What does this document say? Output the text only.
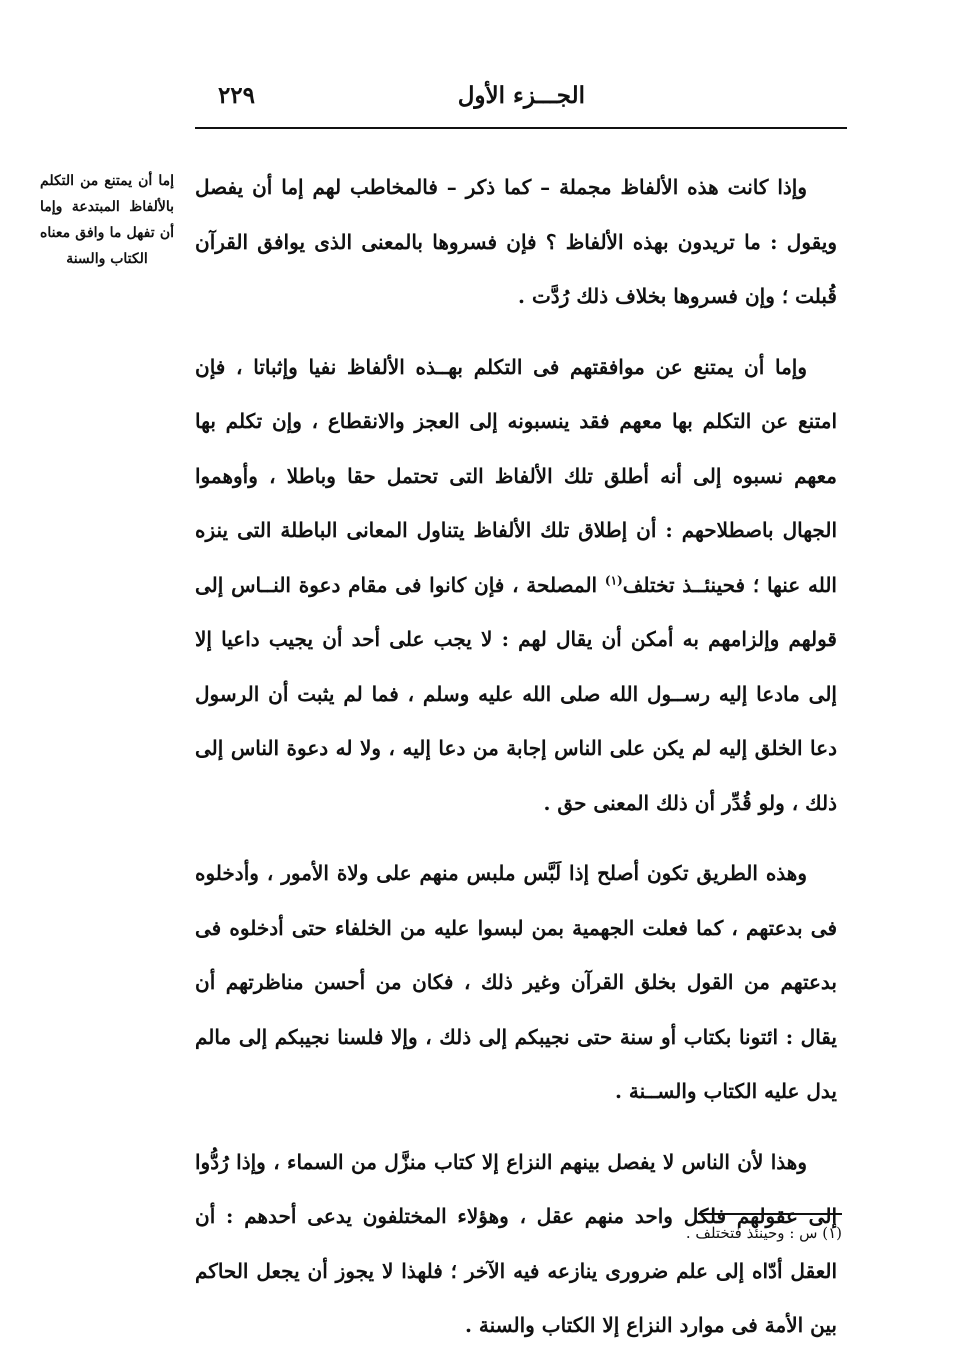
الجـــزء الأول
٢٢٩
إما أن يمتنع من التكلم بالألفاظ المبتدعة وإما أن تفهل ما وافق معناه الكتاب والسنة

وإذا كانت هذه الألفاظ مجملة – كما ذكر – فالمخاطب لهم إما أن يفصل ويقول : ما تريدون بهذه الألفاظ ؟ فإن فسروها بالمعنى الذى يوافق القرآن قُبلت ؛ وإن فسروها بخلاف ذلك رُدَّت .

وإما أن يمتنع عن موافقتهم فى التكلم بهــذه الألفاظ نفيا وإثباتا ، فإن امتنع عن التكلم بها معهم فقد ينسبونه إلى العجز والانقطاع ، وإن تكلم بها معهم نسبوه إلى أنه أطلق تلك الألفاظ التى تحتمل حقا وباطلا ، وأوهموا الجهال باصطلاحهم : أن إطلاق تلك الألفاظ يتناول المعانى الباطلة التى ينزه الله عنها ؛ فحينئــذ تختلف$^{(١)}$ المصلحة ، فإن كانوا فى مقام دعوة النــاس إلى قولهم وإلزامهم به أمكن أن يقال لهم : لا يجب على أحد أن يجيب داعيا إلا إلى مادعا إليه رســول الله صلى الله عليه وسلم ، فما لم يثبت أن الرسول دعا الخلق إليه لم يكن على الناس إجابة من دعا إليه ، ولا له دعوة الناس إلى ذلك ، ولو قُدِّر أن ذلك المعنى حق .

وهذه الطريق تكون أصلح إذا لَبَّس ملبس منهم على ولاة الأمور ، وأدخلوه فى بدعتهم ، كما فعلت الجهمية بمن لبسوا عليه من الخلفاء حتى أدخلوه فى بدعتهم من القول بخلق القرآن وغير ذلك ، فكان من أحسن مناظرتهم أن يقال : ائتونا بكتاب أو سنة حتى نجيبكم إلى ذلك ، وإلا فلسنا نجيبكم إلى مالم يدل عليه الكتاب والســنة .

وهذا لأن الناس لا يفصل بينهم النزاع إلا كتاب منزَّل من السماء ، وإذا رُدُّوا إلى عقولهم فلكل واحد منهم عقل ، وهؤلاء المختلفون يدعى أحدهم : أن العقل أدّاه إلى علم ضرورى ينازعه فيه الآخر ؛ فلهذا لا يجوز أن يجعل الحاكم بين الأمة فى موارد النزاع إلا الكتاب والسنة .

(١) س : وحينئذ فتختلف .
